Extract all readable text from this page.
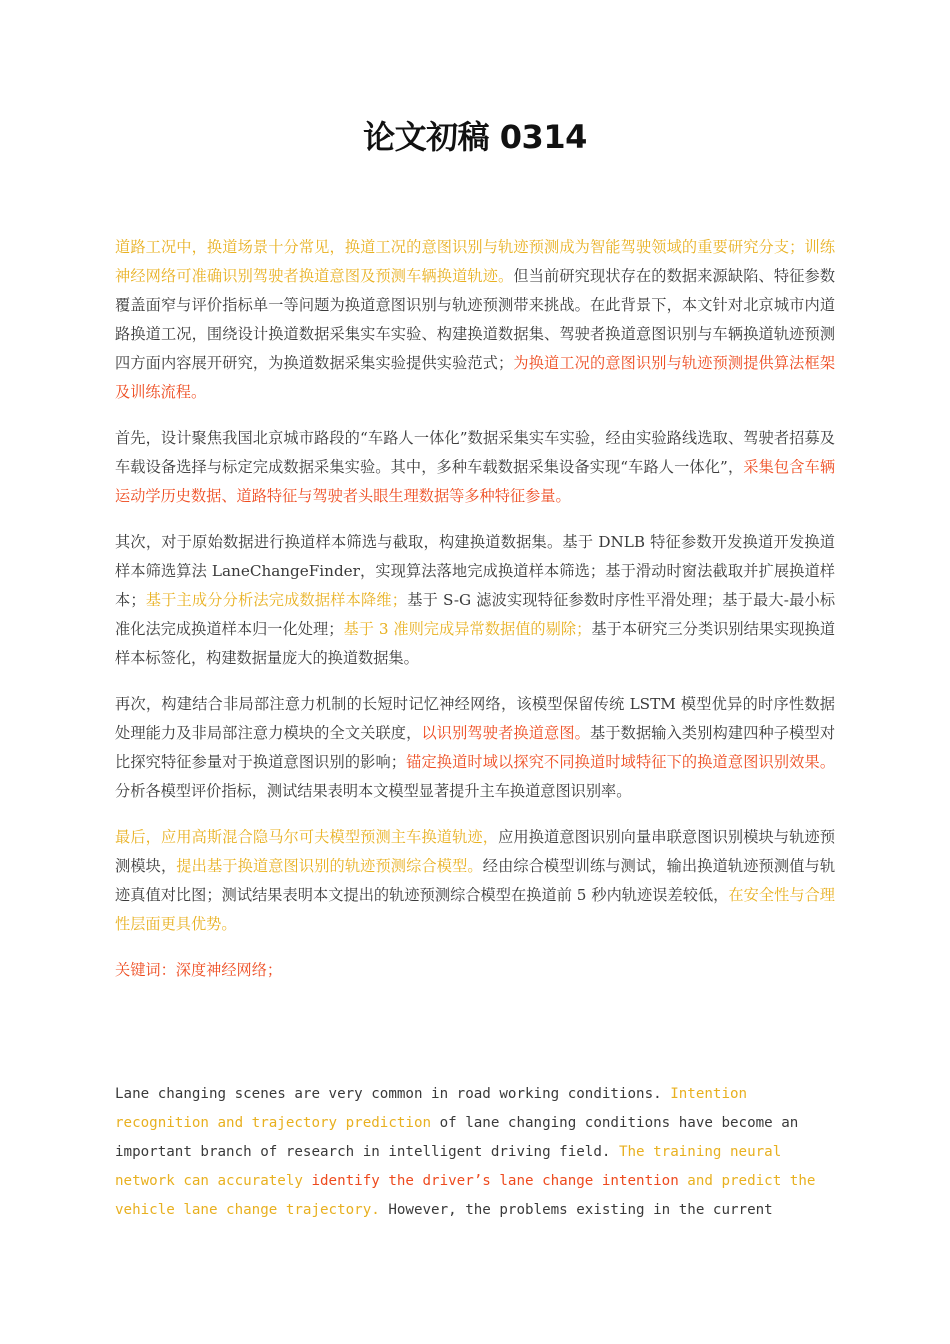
论文初稿 0314

道路工况中，换道场景十分常见，换道工况的意图识别与轨迹预测成为智能驾驶领域的重要研究分支；训练神经网络可准确识别驾驶者换道意图及预测车辆换道轨迹。但当前研究现状存在的数据来源缺陷、特征参数覆盖面窄与评价指标单一等问题为换道意图识别与轨迹预测带来挑战。在此背景下，本文针对北京城市内道路换道工况，围绕设计换道数据采集实车实验、构建换道数据集、驾驶者换道意图识别与车辆换道轨迹预测四方面内容展开研究，为换道数据采集实验提供实验范式；为换道工况的意图识别与轨迹预测提供算法框架及训练流程。

首先，设计聚焦我国北京城市路段的“车路人一体化”数据采集实车实验，经由实验路线选取、驾驶者招募及车载设备选择与标定完成数据采集实验。其中，多种车载数据采集设备实现“车路人一体化”，采集包含车辆运动学历史数据、道路特征与驾驶者头眼生理数据等多种特征参量。

其次，对于原始数据进行换道样本筛选与截取，构建换道数据集。基于 DNLB 特征参数开发换道开发换道样本筛选算法 LaneChangeFinder，实现算法落地完成换道样本筛选；基于滑动时窗法截取并扩展换道样本；基于主成分分析法完成数据样本降维；基于 S-G 滤波实现特征参数时序性平滑处理；基于最大-最小标准化法完成换道样本归一化处理；基于 3 准则完成异常数据值的剔除；基于本研究三分类识别结果实现换道样本标签化，构建数据量庞大的换道数据集。

再次，构建结合非局部注意力机制的长短时记忆神经网络，该模型保留传统 LSTM 模型优异的时序性数据处理能力及非局部注意力模块的全文关联度，以识别驾驶者换道意图。基于数据输入类别构建四种子模型对比探究特征参量对于换道意图识别的影响；锚定换道时域以探究不同换道时域特征下的换道意图识别效果。分析各模型评价指标，测试结果表明本文模型显著提升主车换道意图识别率。

最后，应用高斯混合隐马尔可夫模型预测主车换道轨迹，应用换道意图识别向量串联意图识别模块与轨迹预测模块，提出基于换道意图识别的轨迹预测综合模型。经由综合模型训练与测试，输出换道轨迹预测值与轨迹真值对比图；测试结果表明本文提出的轨迹预测综合模型在换道前 5 秒内轨迹误差较低，在安全性与合理性层面更具优势。

关键词：深度神经网络；

Lane changing scenes are very common in road working conditions. Intention recognition and trajectory prediction of lane changing conditions have become an important branch of research in intelligent driving field. The training neural network can accurately identify the driver’s lane change intention and predict the vehicle lane change trajectory. However, the problems existing in the current
